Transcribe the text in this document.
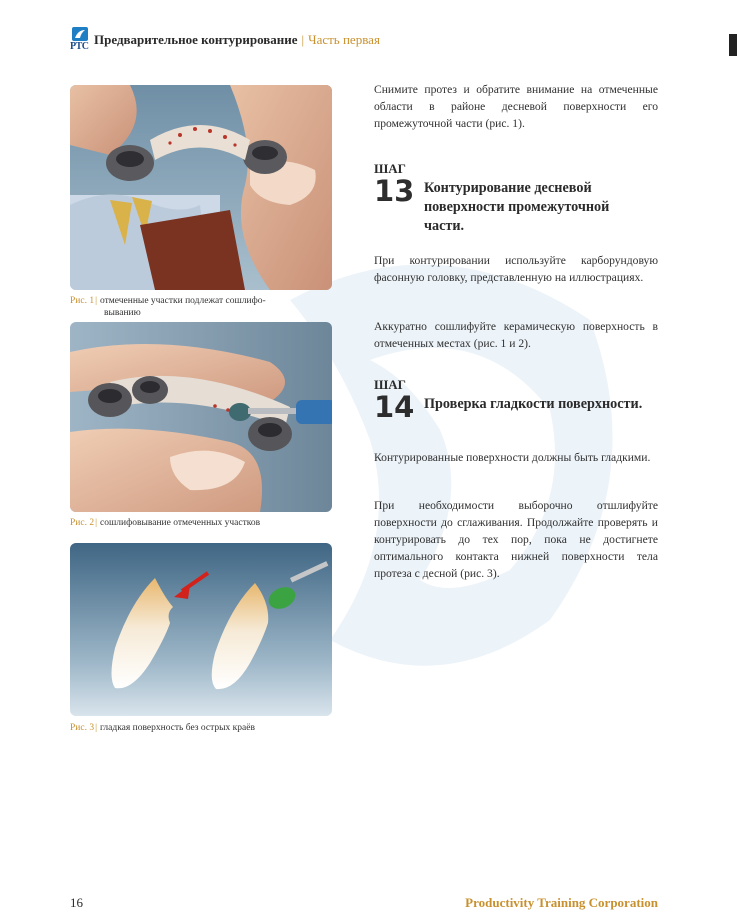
PTC Предварительное контурирование | Часть первая
Рис. 1| отмеченные участки подлежат сошлифо-
выванию
Рис. 2| сошлифовывание отмеченных участков
Рис. 3| гладкая поверхность без острых краёв

Снимите протез и обратите внимание на отмеченные области в районе десневой поверхности его промежуточной части (рис. 1).

ШАГ
13 Контурирование десневой поверхности промежуточной части.

При контурировании используйте карборундовую фасонную головку, представленную на иллюстрациях.

Аккуратно сошлифуйте керамическую поверхность в отмеченных местах (рис. 1 и 2).

ШАГ
14 Проверка гладкости поверхности.

Контурированные поверхности должны быть гладкими.

При необходимости выборочно отшлифуйте поверхности до сглаживания. Продолжайте проверять и контурировать до тех пор, пока не достигнете оптимального контакта нижней поверхности тела протеза с десной (рис. 3).

16	Productivity Training Corporation
